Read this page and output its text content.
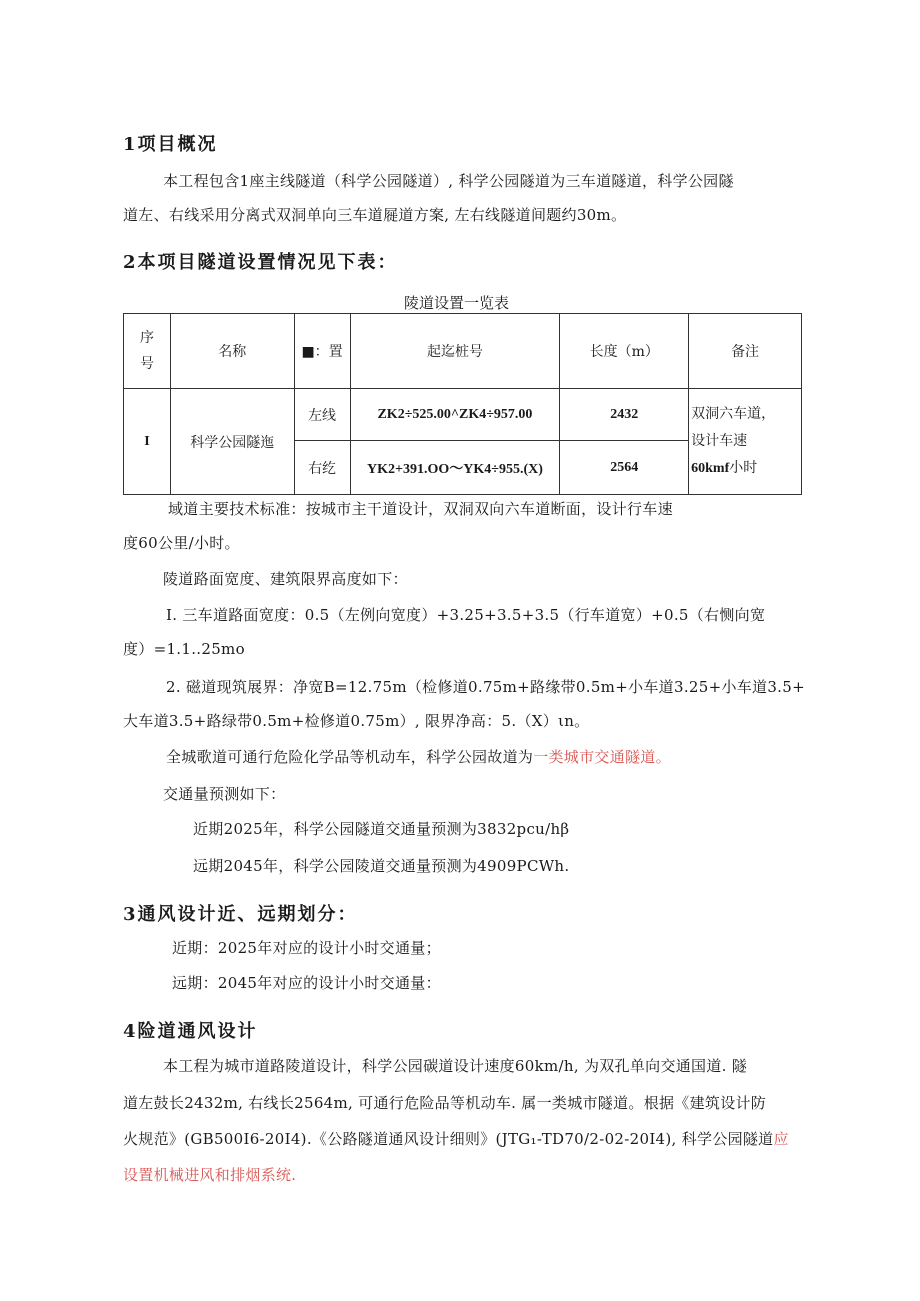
1项目概况
本工程包含1座主线隧道（科学公园隧道）, 科学公园隧道为三车道隧道，科学公园隧
道左、右线采用分离式双洞单向三车道屣道方案, 左右线隧道间题约30m。
2本项目隧道设置情况见下表：
陵道设置一览表
序
号	名称	■：置	起迄桩号	长度（m）	备注
I	科学公园隧迤	左线	ZK2÷525.00^ZK4÷957.00	2432	双洞六车道，
设计车速
60kmf小时

		右纥	YK2+391.OO～YK4÷955.(X)	2564	
域道主要技术标准：按城市主干道设计，双洞双向六车道断面，设计行车速
度60公里/小时。
陵道路面宽度、建筑限界高度如下：
I. 三车道路面宽度：0.5（左例向宽度）+3.25+3.5+3.5（行车道宽）+0.5（右恻向宽
度）=1.1..25mo
2. 磁道现筑展界：净宽B=12.75m（检修道0.75m+路缘带0.5m+小车道3.25+小车道3.5+
大车道3.5+路绿带0.5m+检修道0.75m）, 限界净高：5.（X）ιn。
全城歌道可通行危险化学品等机动车，科学公园故道为一类城市交通隧道。
交通量预测如下：
近期2025年，科学公园隧道交通量预测为3832pcu∕hβ
远期2045年，科学公园陵道交通量预测为4909PCWh.
3通风设计近、远期划分：
近期：2025年对应的设计小时交通量；
远期：2045年对应的设计小时交通量：
4险道通风设计
本工程为城市道路陵道设计，科学公园碳道设计速度60km∕h, 为双孔单向交通国道. 隧
道左鼓长2432m, 右线长2564m, 可通行危险品等机动车. 属一类城市隧道。根据《建筑设计防
火规范》(GB500I6-20I4).《公路隧道通风设计细则》(JTG₁-TD70/2-02-20I4), 科学公园隧道应
设置机械进风和排烟系统.
